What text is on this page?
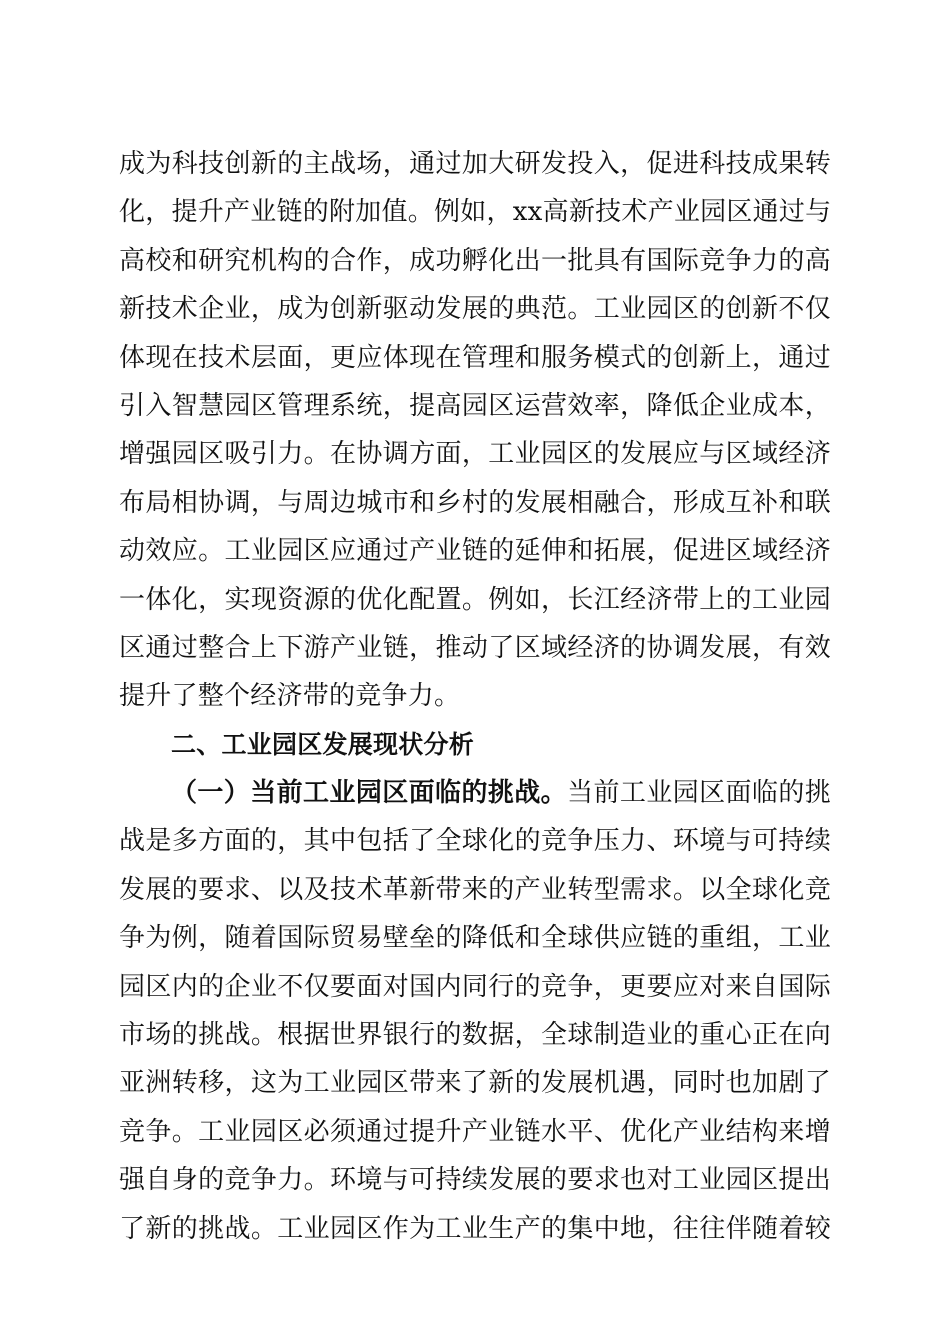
成为科技创新的主战场，通过加大研发投入，促进科技成果转
化，提升产业链的附加值。例如，xx高新技术产业园区通过与
高校和研究机构的合作，成功孵化出一批具有国际竞争力的高
新技术企业，成为创新驱动发展的典范。工业园区的创新不仅
体现在技术层面，更应体现在管理和服务模式的创新上，通过
引入智慧园区管理系统，提高园区运营效率，降低企业成本，
增强园区吸引力。在协调方面，工业园区的发展应与区域经济
布局相协调，与周边城市和乡村的发展相融合，形成互补和联
动效应。工业园区应通过产业链的延伸和拓展，促进区域经济
一体化，实现资源的优化配置。例如，长江经济带上的工业园
区通过整合上下游产业链，推动了区域经济的协调发展，有效
提升了整个经济带的竞争力。
二、工业园区发展现状分析
（一）当前工业园区面临的挑战。当前工业园区面临的挑
战是多方面的，其中包括了全球化的竞争压力、环境与可持续
发展的要求、以及技术革新带来的产业转型需求。以全球化竞
争为例，随着国际贸易壁垒的降低和全球供应链的重组，工业
园区内的企业不仅要面对国内同行的竞争，更要应对来自国际
市场的挑战。根据世界银行的数据，全球制造业的重心正在向
亚洲转移，这为工业园区带来了新的发展机遇，同时也加剧了
竞争。工业园区必须通过提升产业链水平、优化产业结构来增
强自身的竞争力。环境与可持续发展的要求也对工业园区提出
了新的挑战。工业园区作为工业生产的集中地，往往伴随着较
